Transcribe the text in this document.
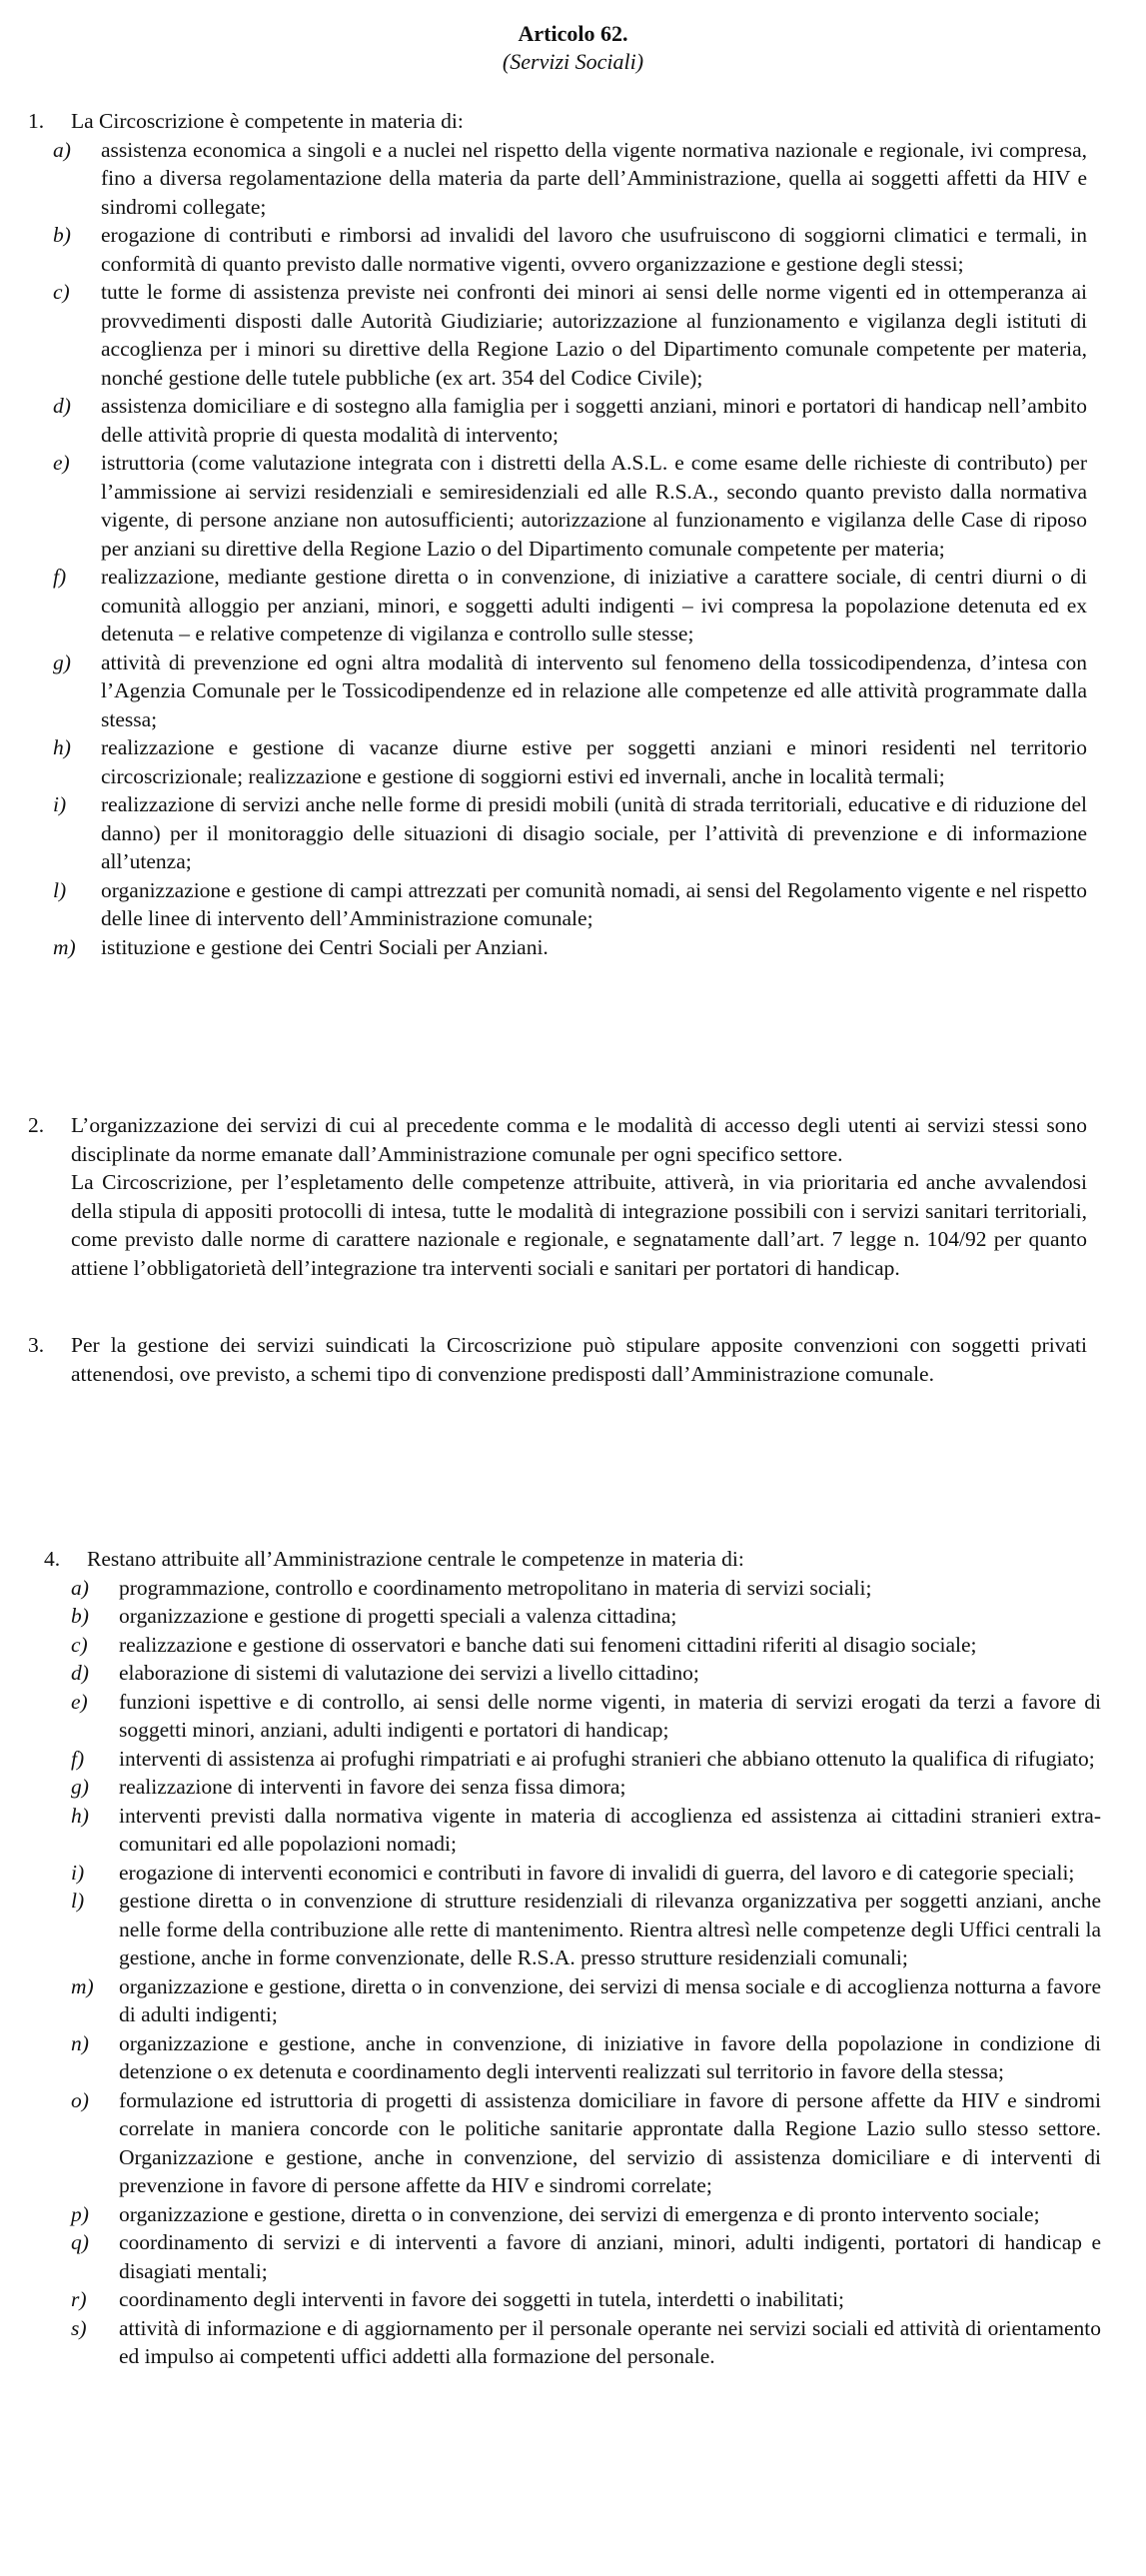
Articolo 62.
(Servizi Sociali)
1. La Circoscrizione è competente in materia di:
a) assistenza economica a singoli e a nuclei nel rispetto della vigente normativa nazionale e regionale, ivi compresa, fino a diversa regolamentazione della materia da parte dell’Amministrazione, quella ai soggetti affetti da HIV e sindromi collegate;
b) erogazione di contributi e rimborsi ad invalidi del lavoro che usufruiscono di soggiorni climatici e termali, in conformità di quanto previsto dalle normative vigenti, ovvero organizzazione e gestione degli stessi;
c) tutte le forme di assistenza previste nei confronti dei minori ai sensi delle norme vigenti ed in ottemperanza ai provvedimenti disposti dalle Autorità Giudiziarie; autorizzazione al funzionamento e vigilanza degli istituti di accoglienza per i minori su direttive della Regione Lazio o del Dipartimento comunale competente per materia, nonché gestione delle tutele pubbliche (ex art. 354 del Codice Civile);
d) assistenza domiciliare e di sostegno alla famiglia per i soggetti anziani, minori e portatori di handicap nell’ambito delle attività proprie di questa modalità di intervento;
e) istruttoria (come valutazione integrata con i distretti della A.S.L. e come esame delle richieste di contributo) per l’ammissione ai servizi residenziali e semiresidenziali ed alle R.S.A., secondo quanto previsto dalla normativa vigente, di persone anziane non autosufficienti; autorizzazione al funzionamento e vigilanza delle Case di riposo per anziani su direttive della Regione Lazio o del Dipartimento comunale competente per materia;
f) realizzazione, mediante gestione diretta o in convenzione, di iniziative a carattere sociale, di centri diurni o di comunità alloggio per anziani, minori, e soggetti adulti indigenti – ivi compresa la popolazione detenuta ed ex detenuta – e relative competenze di vigilanza e controllo sulle stesse;
g) attività di prevenzione ed ogni altra modalità di intervento sul fenomeno della tossicodipendenza, d’intesa con l’Agenzia Comunale per le Tossicodipendenze ed in relazione alle competenze ed alle attività programmate dalla stessa;
h) realizzazione e gestione di vacanze diurne estive per soggetti anziani e minori residenti nel territorio circoscrizionale; realizzazione e gestione di soggiorni estivi ed invernali, anche in località termali;
i) realizzazione di servizi anche nelle forme di presidi mobili (unità di strada territoriali, educative e di riduzione del danno) per il monitoraggio delle situazioni di disagio sociale, per l’attività di prevenzione e di informazione all’utenza;
l) organizzazione e gestione di campi attrezzati per comunità nomadi, ai sensi del Regolamento vigente e nel rispetto delle linee di intervento dell’Amministrazione comunale;
m) istituzione e gestione dei Centri Sociali per Anziani.
2. L’organizzazione dei servizi di cui al precedente comma e le modalità di accesso degli utenti ai servizi stessi sono disciplinate da norme emanate dall’Amministrazione comunale per ogni specifico settore.
La Circoscrizione, per l’espletamento delle competenze attribuite, attiverà, in via prioritaria ed anche avvalendosi della stipula di appositi protocolli di intesa, tutte le modalità di integrazione possibili con i servizi sanitari territoriali, come previsto dalle norme di carattere nazionale e regionale, e segnatamente dall’art. 7 legge n. 104/92 per quanto attiene l’obbligatorietà dell’integrazione tra interventi sociali e sanitari per portatori di handicap.
3. Per la gestione dei servizi suindicati la Circoscrizione può stipulare apposite convenzioni con soggetti privati attenendosi, ove previsto, a schemi tipo di convenzione predisposti dall’Amministrazione comunale.
4. Restano attribuite all’Amministrazione centrale le competenze in materia di:
a) programmazione, controllo e coordinamento metropolitano in materia di servizi sociali;
b) organizzazione e gestione di progetti speciali a valenza cittadina;
c) realizzazione e gestione di osservatori e banche dati sui fenomeni cittadini riferiti al disagio sociale;
d) elaborazione di sistemi di valutazione dei servizi a livello cittadino;
e) funzioni ispettive e di controllo, ai sensi delle norme vigenti, in materia di servizi erogati da terzi a favore di soggetti minori, anziani, adulti indigenti e portatori di handicap;
f) interventi di assistenza ai profughi rimpatriati e ai profughi stranieri che abbiano ottenuto la qualifica di rifugiato;
g) realizzazione di interventi in favore dei senza fissa dimora;
h) interventi previsti dalla normativa vigente in materia di accoglienza ed assistenza ai cittadini stranieri extra-comunitari ed alle popolazioni nomadi;
i) erogazione di interventi economici e contributi in favore di invalidi di guerra, del lavoro e di categorie speciali;
l) gestione diretta o in convenzione di strutture residenziali di rilevanza organizzativa per soggetti anziani, anche nelle forme della contribuzione alle rette di mantenimento. Rientra altresì nelle competenze degli Uffici centrali la gestione, anche in forme convenzionate, delle R.S.A. presso strutture residenziali comunali;
m) organizzazione e gestione, diretta o in convenzione, dei servizi di mensa sociale e di accoglienza notturna a favore di adulti indigenti;
n) organizzazione e gestione, anche in convenzione, di iniziative in favore della popolazione in condizione di detenzione o ex detenuta e coordinamento degli interventi realizzati sul territorio in favore della stessa;
o) formulazione ed istruttoria di progetti di assistenza domiciliare in favore di persone affette da HIV e sindromi correlate in maniera concorde con le politiche sanitarie approntate dalla Regione Lazio sullo stesso settore. Organizzazione e gestione, anche in convenzione, del servizio di assistenza domiciliare e di interventi di prevenzione in favore di persone affette da HIV e sindromi correlate;
p) organizzazione e gestione, diretta o in convenzione, dei servizi di emergenza e di pronto intervento sociale;
q) coordinamento di servizi e di interventi a favore di anziani, minori, adulti indigenti, portatori di handicap e disagiati mentali;
r) coordinamento degli interventi in favore dei soggetti in tutela, interdetti o inabilitati;
s) attività di informazione e di aggiornamento per il personale operante nei servizi sociali ed attività di orientamento ed impulso ai competenti uffici addetti alla formazione del personale.
